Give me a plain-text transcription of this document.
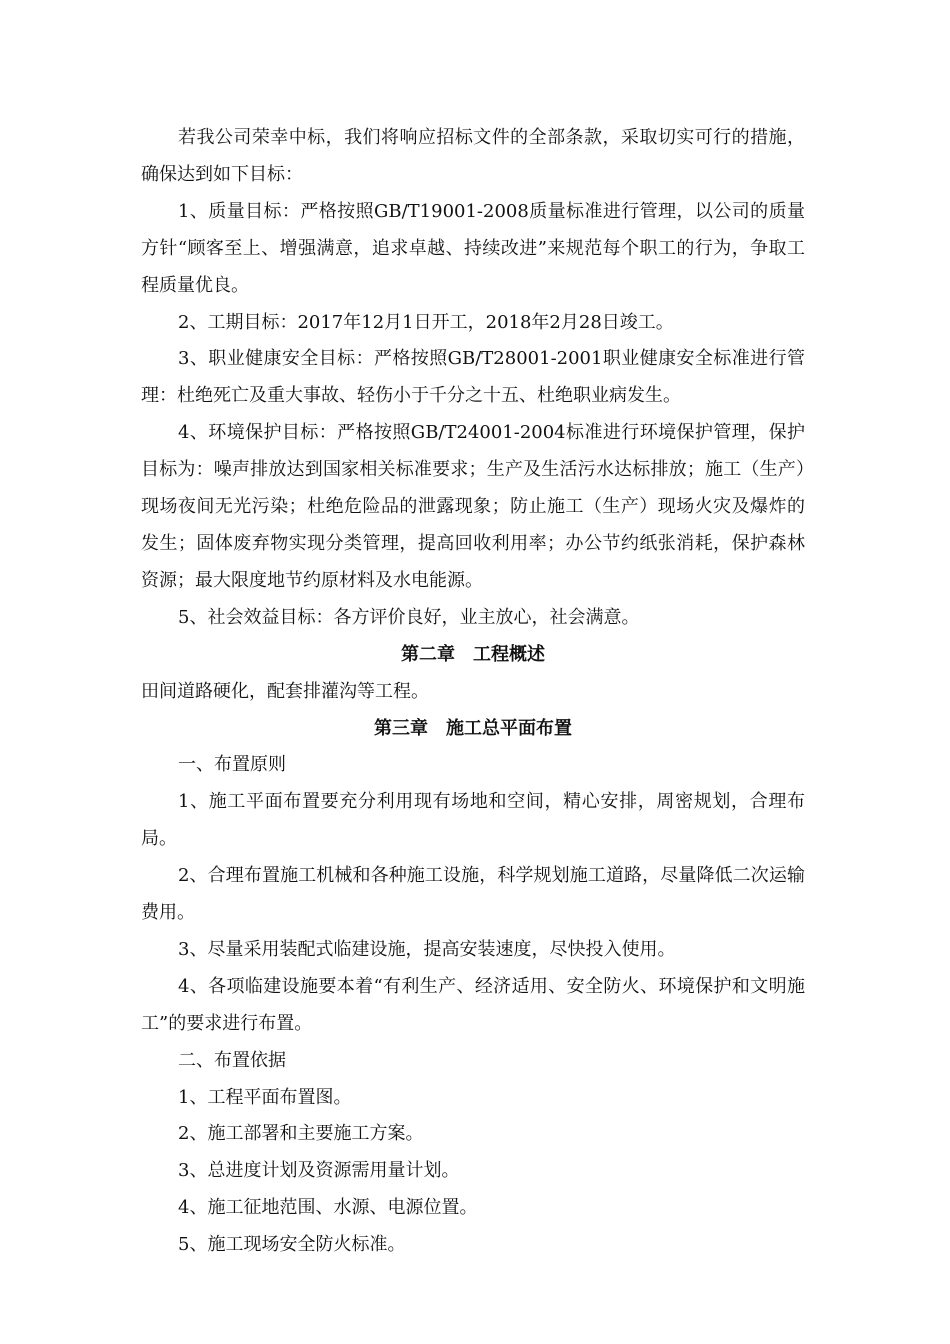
若我公司荣幸中标，我们将响应招标文件的全部条款，采取切实可行的措施，确保达到如下目标：

1、质量目标：严格按照GB/T19001-2008质量标准进行管理，以公司的质量方针“顾客至上、增强满意，追求卓越、持续改进”来规范每个职工的行为，争取工程质量优良。

2、工期目标：2017年12月1日开工，2018年2月28日竣工。

3、职业健康安全目标：严格按照GB/T28001-2001职业健康安全标准进行管理：杜绝死亡及重大事故、轻伤小于千分之十五、杜绝职业病发生。

4、环境保护目标：严格按照GB/T24001-2004标准进行环境保护管理，保护目标为：噪声排放达到国家相关标准要求；生产及生活污水达标排放；施工（生产）现场夜间无光污染；杜绝危险品的泄露现象；防止施工（生产）现场火灾及爆炸的发生；固体废弃物实现分类管理，提高回收利用率；办公节约纸张消耗，保护森林资源；最大限度地节约原材料及水电能源。

5、社会效益目标：各方评价良好，业主放心，社会满意。

第二章　工程概述

田间道路硬化，配套排灌沟等工程。

第三章　施工总平面布置

一、布置原则

1、施工平面布置要充分利用现有场地和空间，精心安排，周密规划，合理布局。

2、合理布置施工机械和各种施工设施，科学规划施工道路，尽量降低二次运输费用。

3、尽量采用装配式临建设施，提高安装速度，尽快投入使用。

4、各项临建设施要本着“有利生产、经济适用、安全防火、环境保护和文明施工”的要求进行布置。

二、布置依据

1、工程平面布置图。

2、施工部署和主要施工方案。

3、总进度计划及资源需用量计划。

4、施工征地范围、水源、电源位置。

5、施工现场安全防火标准。
